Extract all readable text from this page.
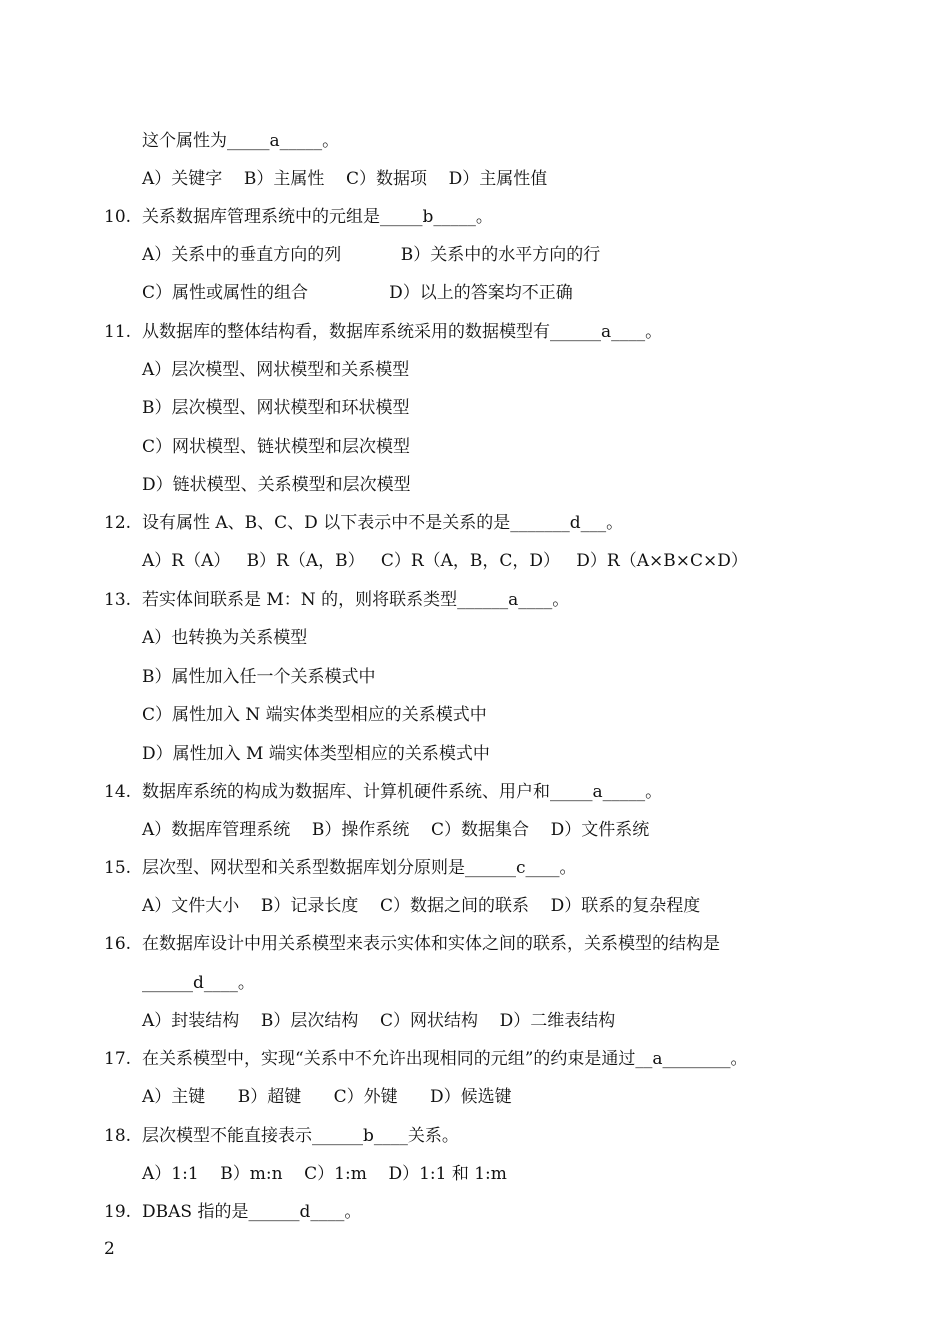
这个属性为_____a_____。
A）关键字    B）主属性    C）数据项    D）主属性值
10. 关系数据库管理系统中的元组是_____b_____。
A）关系中的垂直方向的列           B）关系中的水平方向的行
C）属性或属性的组合               D）以上的答案均不正确
11. 从数据库的整体结构看，数据库系统采用的数据模型有______a____。
A）层次模型、网状模型和关系模型
B）层次模型、网状模型和环状模型
C）网状模型、链状模型和层次模型
D）链状模型、关系模型和层次模型
12. 设有属性 A、B、C、D 以下表示中不是关系的是_______d___。
A）R（A）   B）R（A，B）   C）R（A，B，C，D）   D）R（A×B×C×D）
13. 若实体间联系是 M：N 的，则将联系类型______a____。
A）也转换为关系模型
B）属性加入任一个关系模式中
C）属性加入 N 端实体类型相应的关系模式中
D）属性加入 M 端实体类型相应的关系模式中
14. 数据库系统的构成为数据库、计算机硬件系统、用户和_____a_____。
A）数据库管理系统    B）操作系统    C）数据集合    D）文件系统
15. 层次型、网状型和关系型数据库划分原则是______c____。
A）文件大小    B）记录长度    C）数据之间的联系    D）联系的复杂程度
16. 在数据库设计中用关系模型来表示实体和实体之间的联系，关系模型的结构是
______d____。
A）封装结构    B）层次结构    C）网状结构    D）二维表结构
17. 在关系模型中，实现“关系中不允许出现相同的元组”的约束是通过__a________。
A）主键      B）超键      C）外键      D）候选键
18. 层次模型不能直接表示______b____关系。
A）1:1    B）m:n    C）1:m    D）1:1 和 1:m
19. DBAS 指的是______d____。
2
